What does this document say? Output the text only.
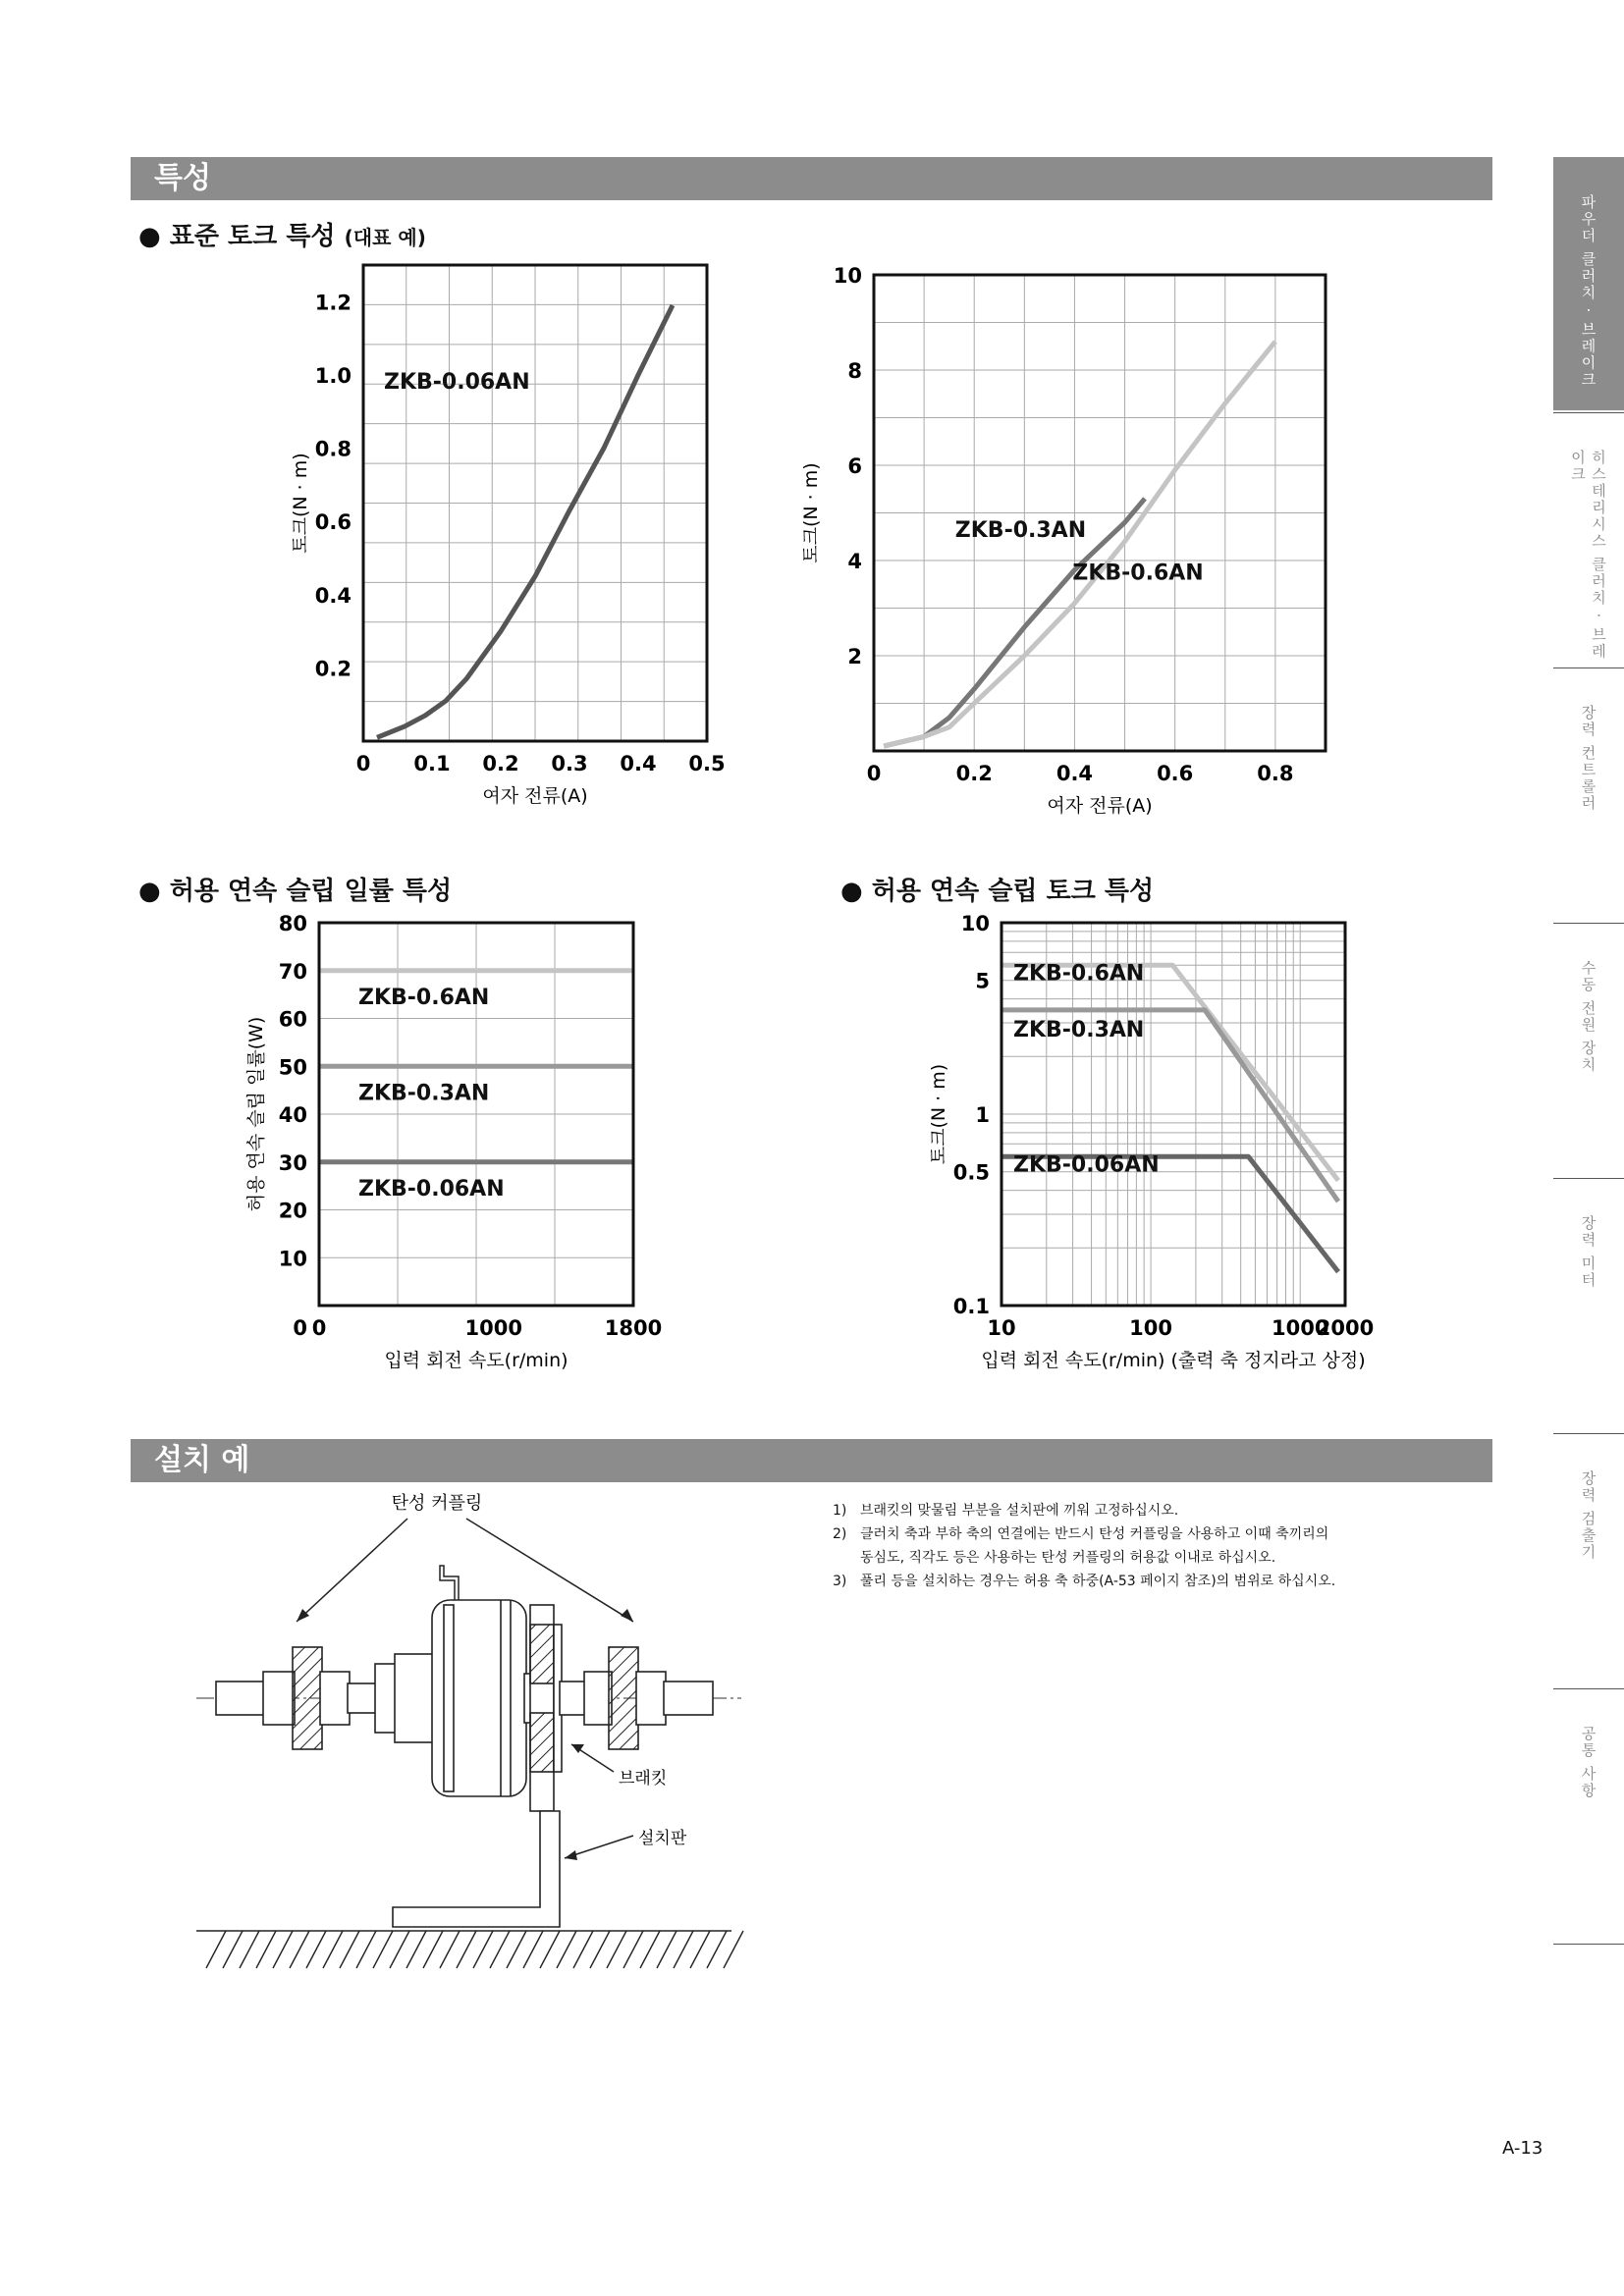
특성
● 표준 토크 특성 (대표 예)
● 허용 연속 슬립 일률 특성	● 허용 연속 슬립 토크 특성
ZKB-0.06AN
0 0.1 0.2 0.3 0.4 0.5
0.2
0.4
0.6
0.8
1.0
1.2
여자 전류(A)
토크(N · m)	ZKB-0.3AN
ZKB-0.6AN
0	0.2	0.4	0.6	0.8
2
4
6
8
10
여자 전류(A)
토크(N · m)
ZKB-0.6AN
ZKB-0.3AN
ZKB-0.06AN
0	1000	1800
10
20
30
40
50
60
70
80
0
입력 회전 속도(r/min)
허용 연속 슬립 일률(W)
ZKB-0.6AN
ZKB-0.3AN
ZKB-0.06AN
10	100	1000
2000
0.1
0.5
1
5
10
입력 회전 속도(r/min) (출력 축 정지라고 상정)
토크(N · m)
설치 예
탄성 커플링
브래킷
설치판
1) 브래킷의 맞물림 부분을 설치판에 끼워 고정하십시오.
2) 클러치 축과 부하 축의 연결에는 반드시 탄성 커플링을 사용하고 이때 축끼리의
동심도, 직각도 등은 사용하는 탄성 커플링의 허용값 이내로 하십시오.
3) 풀리 등을 설치하는 경우는 허용 축 하중(A-53 페이지 참조)의 범위로 하십시오.
파우더 클러치 · 브레이크
히스테리시스 클러치 · 브레이크
장력 컨트롤러
수동 전원 장치
장력 미터
장력 검출기
공통 사항
A-13
